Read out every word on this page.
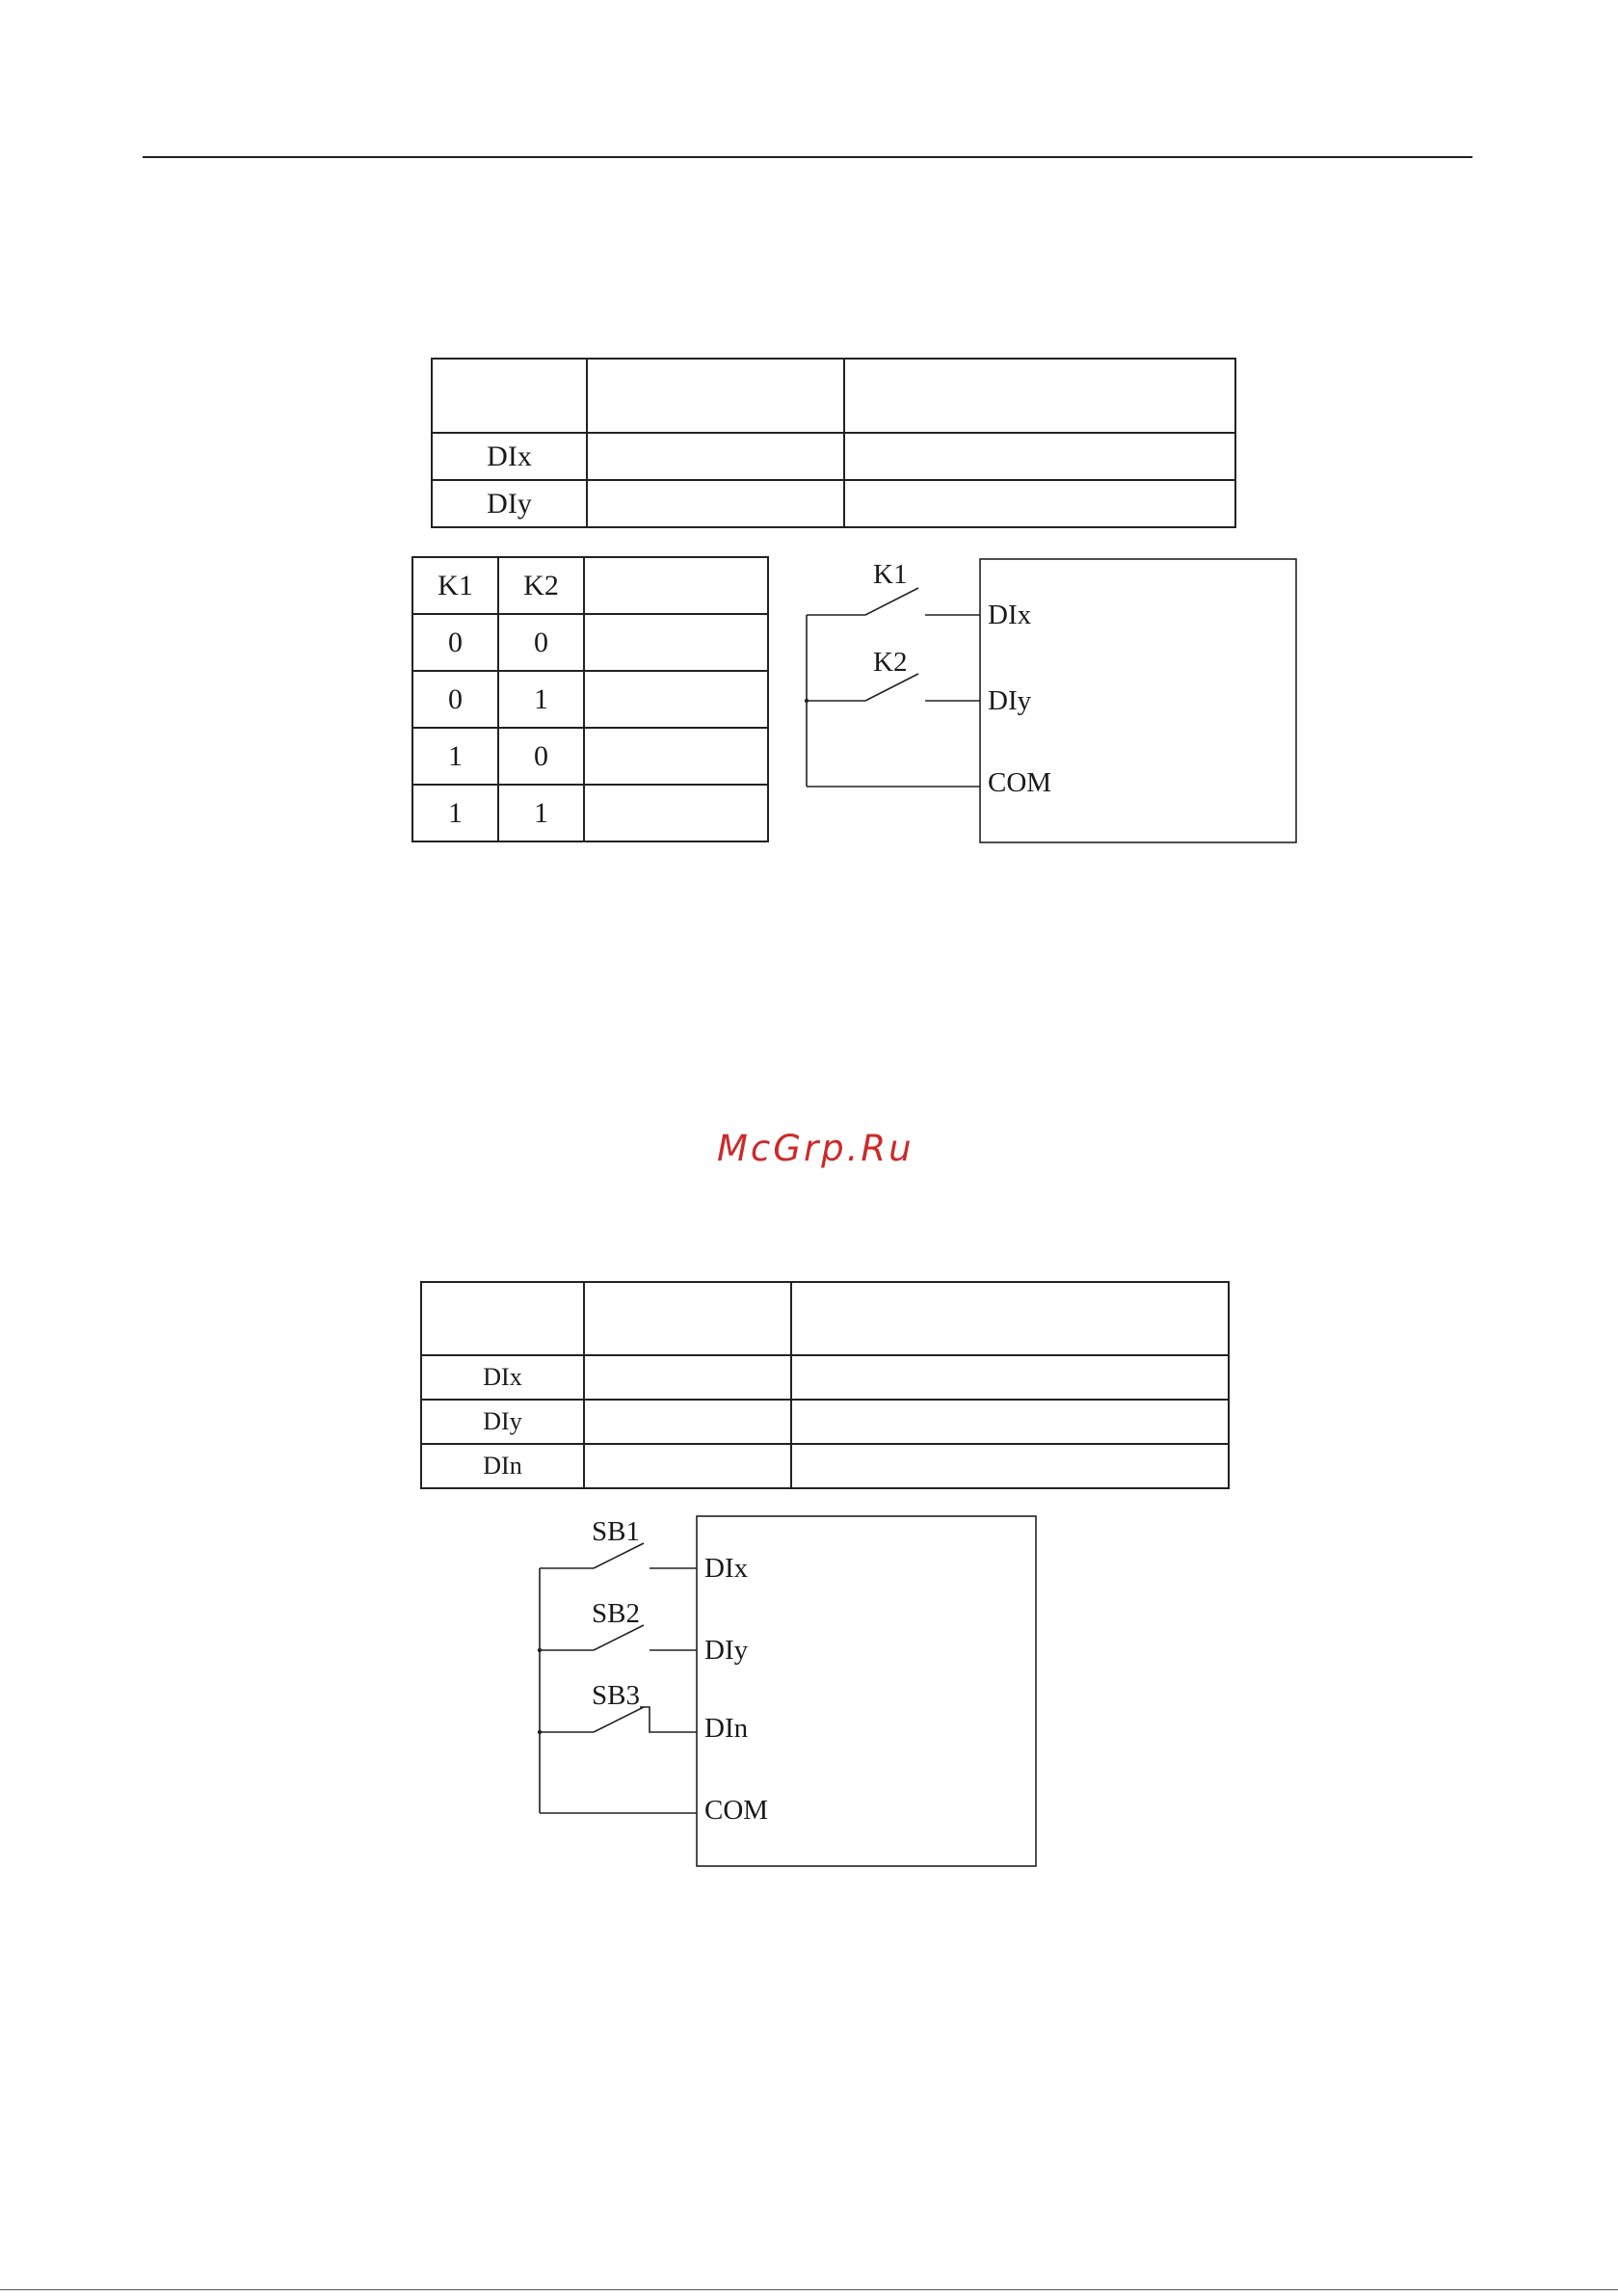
DIx		
DIy		
K1	K2	
0	0	
0	1	
1	0	
1	1	
K1
K2
DIx
DIy
COM
McGrp.Ru

DIx		
DIy		
DIn		
SB1
SB2
SB3
DIx
DIy
DIn
COM
